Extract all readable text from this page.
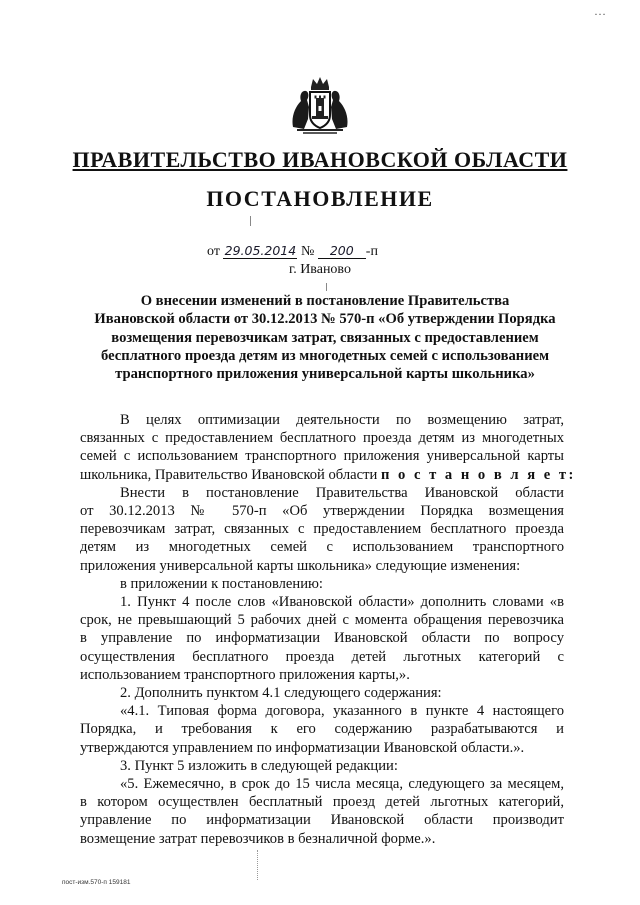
…
ПРАВИТЕЛЬСТВО ИВАНОВСКОЙ ОБЛАСТИ
ПОСТАНОВЛЕНИЕ
от 29.05.2014 № 200 -п
г. Иваново
О внесении изменений в постановление Правительства
Ивановской области от 30.12.2013 № 570-п «Об утверждении Порядка
возмещения перевозчикам затрат, связанных с предоставлением
бесплатного проезда детям из многодетных семей с использованием
транспортного приложения универсальной карты школьника»
В целях оптимизации деятельности по возмещению затрат,
связанных с предоставлением бесплатного проезда детям из многодетных
семей с использованием транспортного приложения универсальной карты
школьника, Правительство Ивановской области п о с т а н о в л я е т:
Внести в постановление Правительства Ивановской области
от 30.12.2013 № 570-п «Об утверждении Порядка возмещения
перевозчикам затрат, связанных с предоставлением бесплатного проезда
детям из многодетных семей с использованием транспортного
приложения универсальной карты школьника» следующие изменения:
в приложении к постановлению:
1. Пункт 4 после слов «Ивановской области» дополнить словами «в
срок, не превышающий 5 рабочих дней с момента обращения перевозчика
в управление по информатизации Ивановской области по вопросу
осуществления бесплатного проезда детей льготных категорий с
использованием транспортного приложения карты,».
2. Дополнить пунктом 4.1 следующего содержания:
«4.1. Типовая форма договора, указанного в пункте 4 настоящего
Порядка, и требования к его содержанию разрабатываются и
утверждаются управлением по информатизации Ивановской области.».
3. Пункт 5 изложить в следующей редакции:
«5. Ежемесячно, в срок до 15 числа месяца, следующего за месяцем,
в котором осуществлен бесплатный проезд детей льготных категорий,
управление по информатизации Ивановской области производит
возмещение затрат перевозчиков в безналичной форме.».
пост-изм.570-п 159181
